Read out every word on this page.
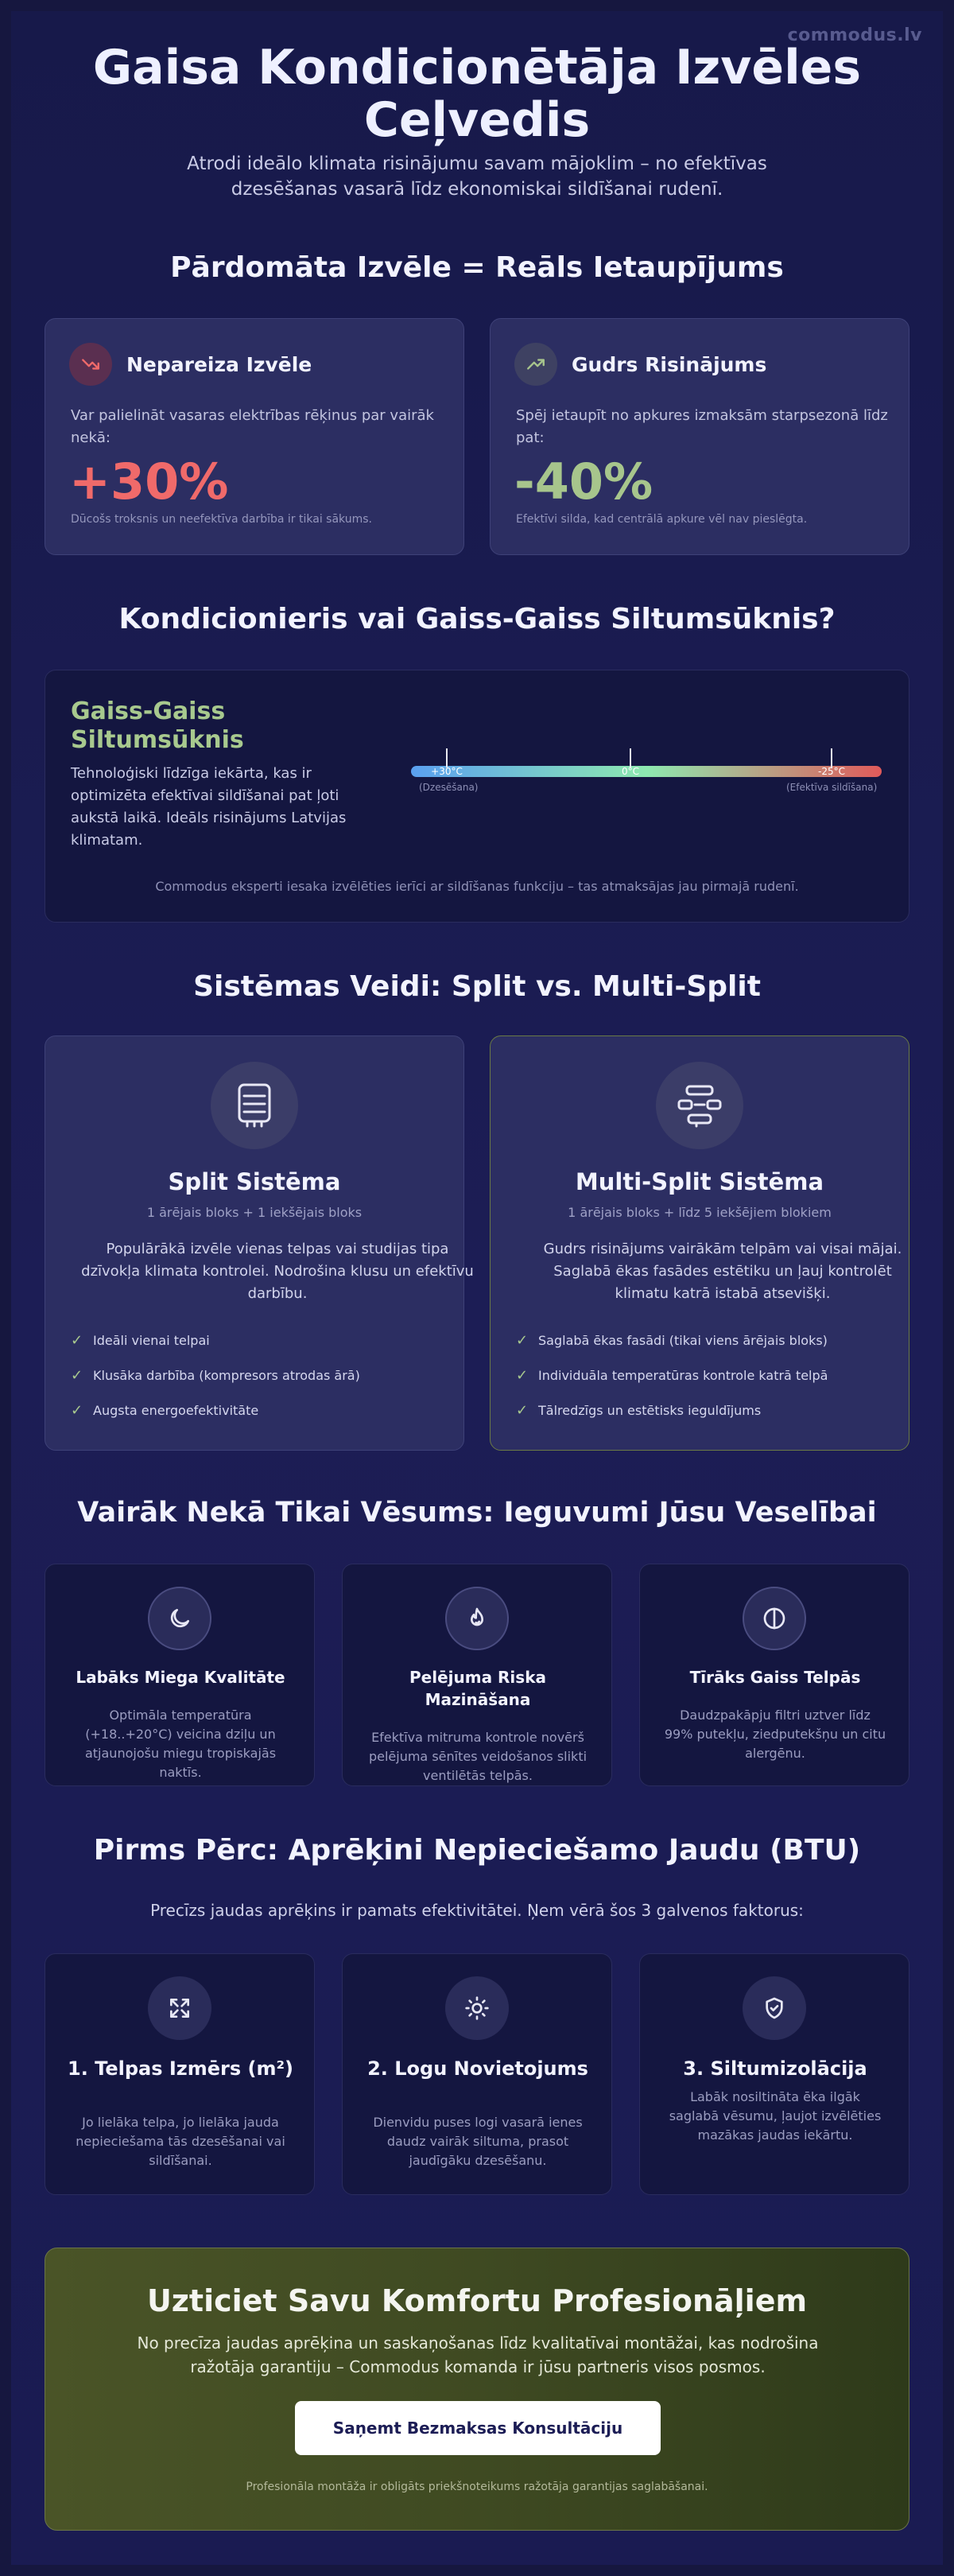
commodus.lv
Gaisa Kondicionētāja Izvēles Ceļvedis

Atrodi ideālo klimata risinājumu savam mājoklim – no efektīvas dzesēšanas vasarā līdz ekonomiskai sildīšanai rudenī.

Pārdomāta Izvēle = Reāls Ietaupījums
Nepareiza Izvēle

Var palielināt vasaras elektrības rēķinus par vairāk nekā:

+30%

Dūcošs troksnis un neefektīva darbība ir tikai sākums.

Gudrs Risinājums

Spēj ietaupīt no apkures izmaksām starpsezonā līdz pat:

-40%

Efektīvi silda, kad centrālā apkure vēl nav pieslēgta.

Kondicionieris vai Gaiss-Gaiss Siltumsūknis?
Gaiss-Gaiss Siltumsūknis

Tehnoloģiski līdzīga iekārta, kas ir optimizēta efektīvai sildīšanai pat ļoti aukstā laikā. Ideāls risinājums Latvijas klimatam.

+30°C	0°C	-25°C
(Dzesēšana)	(Efektīva sildīšana)

Commodus eksperti iesaka izvēlēties ierīci ar sildīšanas funkciju – tas atmaksājas jau pirmajā rudenī.

Sistēmas Veidi: Split vs. Multi-Split
Split Sistēma

1 ārējais bloks + 1 iekšējais bloks

Populārākā izvēle vienas telpas vai studijas tipa dzīvokļa klimata kontrolei. Nodrošina klusu un efektīvu darbību.

✓ Ideāli vienai telpai
✓ Klusāka darbība (kompresors atrodas ārā)
✓ Augsta energoefektivitāte
Multi-Split Sistēma

1 ārējais bloks + līdz 5 iekšējiem blokiem

Gudrs risinājums vairākām telpām vai visai mājai. Saglabā ēkas fasādes estētiku un ļauj kontrolēt klimatu katrā istabā atsevišķi.

✓ Saglabā ēkas fasādi (tikai viens ārējais bloks)
✓ Individuāla temperatūras kontrole katrā telpā
✓ Tālredzīgs un estētisks ieguldījums
Vairāk Nekā Tikai Vēsums: Ieguvumi Jūsu Veselībai
Labāks Miega Kvalitāte

Optimāla temperatūra (+18..+20°C) veicina dziļu un atjaunojošu miegu tropiskajās naktīs.

Pelējuma Riska Mazināšana

Efektīva mitruma kontrole novērš pelējuma sēnītes veidošanos slikti ventilētās telpās.

Tīrāks Gaiss Telpās

Daudzpakāpju filtri uztver līdz 99% putekļu, ziedputekšņu un citu alergēnu.

Pirms Pērc: Aprēķini Nepieciešamo Jaudu (BTU)

Precīzs jaudas aprēķins ir pamats efektivitātei. Ņem vērā šos 3 galvenos faktorus:

1. Telpas Izmērs (m²)

Jo lielāka telpa, jo lielāka jauda nepieciešama tās dzesēšanai vai sildīšanai.

2. Logu Novietojums

Dienvidu puses logi vasarā ienes daudz vairāk siltuma, prasot jaudīgāku dzesēšanu.

3. Siltumizolācija

Labāk nosiltināta ēka ilgāk saglabā vēsumu, ļaujot izvēlēties mazākas jaudas iekārtu.

Uzticiet Savu Komfortu Profesionāļiem

No precīza jaudas aprēķina un saskaņošanas līdz kvalitatīvai montāžai, kas nodrošina ražotāja garantiju – Commodus komanda ir jūsu partneris visos posmos.

Saņemt Bezmaksas Konsultāciju

Profesionāla montāža ir obligāts priekšnoteikums ražotāja garantijas saglabāšanai.
